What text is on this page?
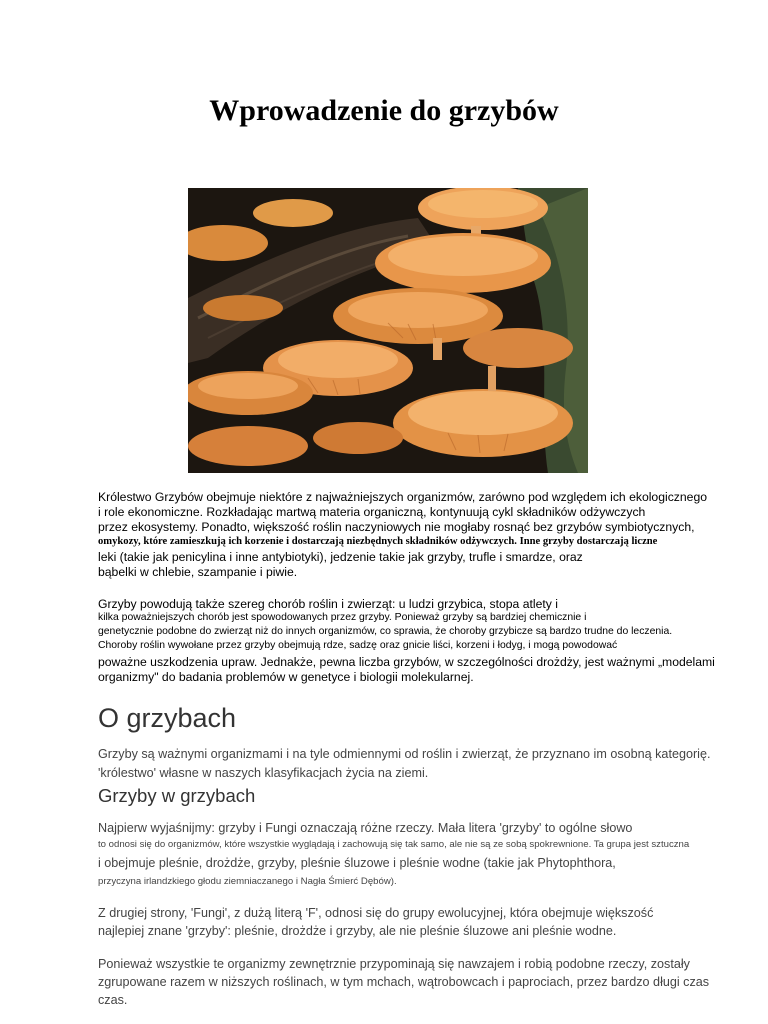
Wprowadzenie do grzybów

Królestwo Grzybów obejmuje niektóre z najważniejszych organizmów, zarówno pod względem ich ekologicznego

i role ekonomiczne. Rozkładając martwą materia organiczną, kontynuują cykl składników odżywczych

przez ekosystemy. Ponadto, większość roślin naczyniowych nie mogłaby rosnąć bez grzybów symbiotycznych,

omykozy, które zamieszkują ich korzenie i dostarczają niezbędnych składników odżywczych. Inne grzyby dostarczają liczne

leki (takie jak penicylina i inne antybiotyki), jedzenie takie jak grzyby, trufle i smardze, oraz

bąbelki w chlebie, szampanie i piwie.

Grzyby powodują także szereg chorób roślin i zwierząt: u ludzi grzybica, stopa atlety i

kilka poważniejszych chorób jest spowodowanych przez grzyby. Ponieważ grzyby są bardziej chemicznie i

genetycznie podobne do zwierząt niż do innych organizmów, co sprawia, że choroby grzybicze są bardzo trudne do leczenia.

Choroby roślin wywołane przez grzyby obejmują rdze, sadzę oraz gnicie liści, korzeni i łodyg, i mogą powodować

poważne uszkodzenia upraw. Jednakże, pewna liczba grzybów, w szczególności drożdży, jest ważnymi „modelami

organizmy" do badania problemów w genetyce i biologii molekularnej.

O grzybach

Grzyby są ważnymi organizmami i na tyle odmiennymi od roślin i zwierząt, że przyznano im osobną kategorię.

'królestwo' własne w naszych klasyfikacjach życia na ziemi.

Grzyby w grzybach

Najpierw wyjaśnijmy: grzyby i Fungi oznaczają różne rzeczy. Mała litera 'grzyby' to ogólne słowo

to odnosi się do organizmów, które wszystkie wyglądają i zachowują się tak samo, ale nie są ze sobą spokrewnione. Ta grupa jest sztuczna

i obejmuje pleśnie, drożdże, grzyby, pleśnie śluzowe i pleśnie wodne (takie jak Phytophthora,

przyczyna irlandzkiego głodu ziemniaczanego i Nagła Śmierć Dębów).

Z drugiej strony, 'Fungi', z dużą literą 'F', odnosi się do grupy ewolucyjnej, która obejmuje większość

najlepiej znane 'grzyby': pleśnie, drożdże i grzyby, ale nie pleśnie śluzowe ani pleśnie wodne.

Ponieważ wszystkie te organizmy zewnętrznie przypominają się nawzajem i robią podobne rzeczy, zostały

zgrupowane razem w niższych roślinach, w tym mchach, wątrobowcach i paprociach, przez bardzo długi czas

czas.
